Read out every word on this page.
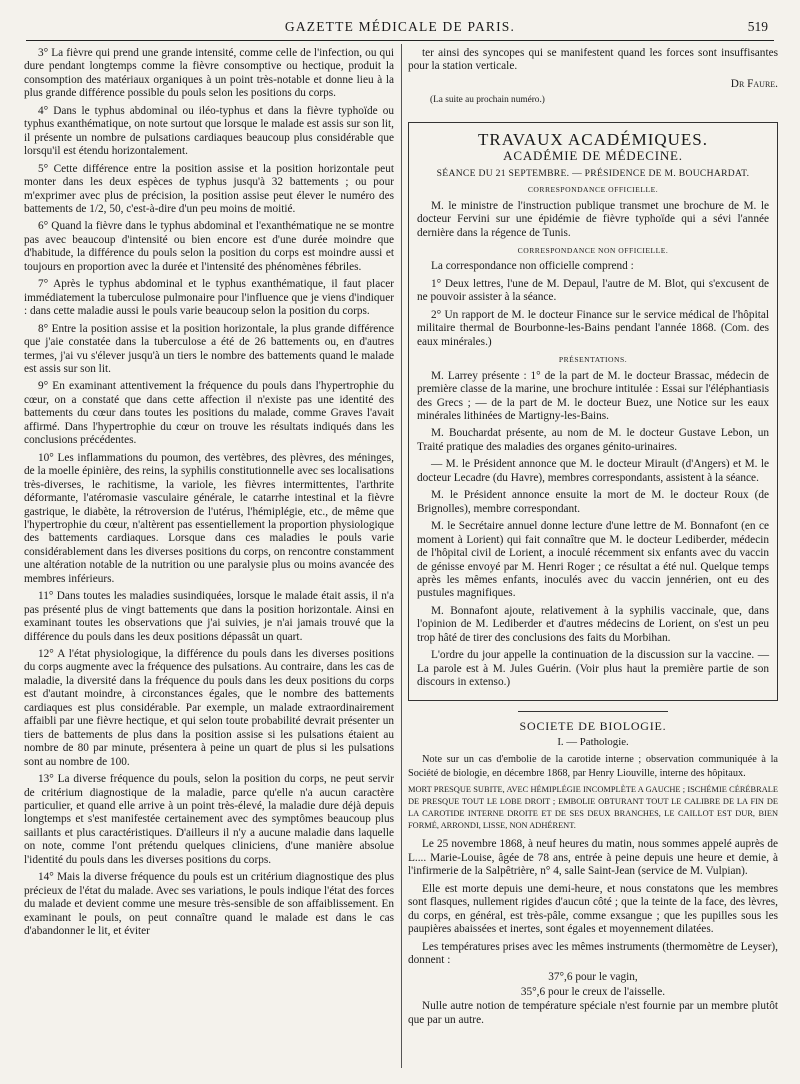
GAZETTE MÉDICALE DE PARIS.	519

3° La fièvre qui prend une grande intensité, comme celle de l'infection, ou qui dure pendant longtemps comme la fièvre consomptive ou hectique, produit la consomption des matériaux organiques à un point très-notable et donne lieu à la plus grande différence possible du pouls selon les positions du corps.

4° Dans le typhus abdominal ou iléo-typhus et dans la fièvre typhoïde ou typhus exanthématique, on note surtout que lorsque le malade est assis sur son lit, il présente un nombre de pulsations cardiaques beaucoup plus considérable que lorsqu'il est étendu horizontalement.

5° Cette différence entre la position assise et la position horizontale peut monter dans les deux espèces de typhus jusqu'à 32 battements ; ou pour m'exprimer avec plus de précision, la position assise peut élever le numéro des battements de 1/2, 50, c'est-à-dire d'un peu moins de moitié.

6° Quand la fièvre dans le typhus abdominal et l'exanthématique ne se montre pas avec beaucoup d'intensité ou bien encore est d'une durée moindre que d'habitude, la différence du pouls selon la position du corps est moindre aussi et toujours en proportion avec la durée et l'intensité des phénomènes fébriles.

7° Après le typhus abdominal et le typhus exanthématique, il faut placer immédiatement la tuberculose pulmonaire pour l'influence que je viens d'indiquer : dans cette maladie aussi le pouls varie beaucoup selon la position du corps.

8° Entre la position assise et la position horizontale, la plus grande différence que j'aie constatée dans la tuberculose a été de 26 battements ou, en d'autres termes, j'ai vu s'élever jusqu'à un tiers le nombre des battements quand le malade est assis sur son lit.

9° En examinant attentivement la fréquence du pouls dans l'hypertrophie du cœur, on a constaté que dans cette affection il n'existe pas une identité des battements du cœur dans toutes les positions du malade, comme Graves l'avait affirmé. Dans l'hypertrophie du cœur on trouve les résultats indiqués dans les conclusions précédentes.

10° Les inflammations du poumon, des vertèbres, des plèvres, des méninges, de la moelle épinière, des reins, la syphilis constitutionnelle avec ses localisations très-diverses, le rachitisme, la variole, les fièvres intermittentes, l'arthrite déformante, l'atéromasie vasculaire générale, le catarrhe intestinal et la fièvre gastrique, le diabète, la rétroversion de l'utérus, l'hémiplégie, etc., de même que l'hypertrophie du cœur, n'altèrent pas essentiellement la proportion physiologique des battements cardiaques. Lorsque dans ces maladies le pouls varie considérablement dans les diverses positions du corps, on rencontre constamment une altération notable de la nutrition ou une paralysie plus ou moins avancée des membres inférieurs.

11° Dans toutes les maladies susindiquées, lorsque le malade était assis, il n'a pas présenté plus de vingt battements que dans la position horizontale. Ainsi en examinant toutes les observations que j'ai suivies, je n'ai jamais trouvé que la différence du pouls dans les deux positions dépassât un quart.

12° A l'état physiologique, la différence du pouls dans les diverses positions du corps augmente avec la fréquence des pulsations. Au contraire, dans les cas de maladie, la diversité dans la fréquence du pouls dans les deux positions du corps est d'autant moindre, à circonstances égales, que le nombre des battements cardiaques est plus considérable. Par exemple, un malade extraordinairement affaibli par une fièvre hectique, et qui selon toute probabilité devrait présenter un tiers de battements de plus dans la position assise si les pulsations étaient au nombre de 80 par minute, présentera à peine un quart de plus si les pulsations sont au nombre de 100.

13° La diverse fréquence du pouls, selon la position du corps, ne peut servir de critérium diagnostique de la maladie, parce qu'elle n'a aucun caractère particulier, et quand elle arrive à un point très-élevé, la maladie dure déjà depuis longtemps et s'est manifestée certainement avec des symptômes beaucoup plus saillants et plus caractéristiques. D'ailleurs il n'y a aucune maladie dans laquelle on note, comme l'ont prétendu quelques cliniciens, d'une manière absolue l'identité du pouls dans les diverses positions du corps.

14° Mais la diverse fréquence du pouls est un critérium diagnostique des plus précieux de l'état du malade. Avec ses variations, le pouls indique l'état des forces du malade et devient comme une mesure très-sensible de son affaiblissement. En examinant le pouls, on peut connaître quand le malade est dans le cas d'abandonner le lit, et éviter

ter ainsi des syncopes qui se manifestent quand les forces sont insuffisantes pour la station verticale.

Dr Faure.

(La suite au prochain numéro.)

TRAVAUX ACADÉMIQUES.
ACADÉMIE DE MÉDECINE.
SÉANCE DU 21 SEPTEMBRE. — PRÉSIDENCE DE M. BOUCHARDAT.
CORRESPONDANCE OFFICIELLE.

M. le ministre de l'instruction publique transmet une brochure de M. le docteur Fervini sur une épidémie de fièvre typhoïde qui a sévi l'année dernière dans la régence de Tunis.

CORRESPONDANCE NON OFFICIELLE.

La correspondance non officielle comprend :

1° Deux lettres, l'une de M. Depaul, l'autre de M. Blot, qui s'excusent de ne pouvoir assister à la séance.

2° Un rapport de M. le docteur Finance sur le service médical de l'hôpital militaire thermal de Bourbonne-les-Bains pendant l'année 1868. (Com. des eaux minérales.)

PRÉSENTATIONS.

M. Larrey présente : 1° de la part de M. le docteur Brassac, médecin de première classe de la marine, une brochure intitulée : Essai sur l'éléphantiasis des Grecs ; — de la part de M. le docteur Buez, une Notice sur les eaux minérales lithinées de Martigny-les-Bains.

M. Bouchardat présente, au nom de M. le docteur Gustave Lebon, un Traité pratique des maladies des organes génito-urinaires.

— M. le Président annonce que M. le docteur Mirault (d'Angers) et M. le docteur Lecadre (du Havre), membres correspondants, assistent à la séance.

M. le Président annonce ensuite la mort de M. le docteur Roux (de Brignolles), membre correspondant.

M. le Secrétaire annuel donne lecture d'une lettre de M. Bonnafont (en ce moment à Lorient) qui fait connaître que M. le docteur Lediberder, médecin de l'hôpital civil de Lorient, a inoculé récemment six enfants avec du vaccin de génisse envoyé par M. Henri Roger ; ce résultat a été nul. Quelque temps après les mêmes enfants, inoculés avec du vaccin jennérien, ont eu des pustules magnifiques.

M. Bonnafont ajoute, relativement à la syphilis vaccinale, que, dans l'opinion de M. Lediberder et d'autres médecins de Lorient, on s'est un peu trop hâté de tirer des conclusions des faits du Morbihan.

L'ordre du jour appelle la continuation de la discussion sur la vaccine. — La parole est à M. Jules Guérin. (Voir plus haut la première partie de son discours in extenso.)

SOCIETE DE BIOLOGIE.
I. — Pathologie.

Note sur un cas d'embolie de la carotide interne ; observation communiquée à la Société de biologie, en décembre 1868, par Henry Liouville, interne des hôpitaux.

MORT PRESQUE SUBITE, AVEC HÉMIPLÉGIE INCOMPLÈTE A GAUCHE ; ISCHÉMIE CÉRÉBRALE DE PRESQUE TOUT LE LOBE DROIT ; EMBOLIE OBTURANT TOUT LE CALIBRE DE LA FIN DE LA CAROTIDE INTERNE DROITE ET DE SES DEUX BRANCHES, LE CAILLOT EST DUR, BIEN FORMÉ, ARRONDI, LISSE, NON ADHÉRENT.

Le 25 novembre 1868, à neuf heures du matin, nous sommes appelé auprès de L.... Marie-Louise, âgée de 78 ans, entrée à peine depuis une heure et demie, à l'infirmerie de la Salpêtrière, n° 4, salle Saint-Jean (service de M. Vulpian).

Elle est morte depuis une demi-heure, et nous constatons que les membres sont flasques, nullement rigides d'aucun côté ; que la teinte de la face, des lèvres, du corps, en général, est très-pâle, comme exsangue ; que les pupilles sous les paupières abaissées et inertes, sont égales et moyennement dilatées.

Les températures prises avec les mêmes instruments (thermomètre de Leyser), donnent :

37°,6 pour le vagin,

35°,6 pour le creux de l'aisselle.

Nulle autre notion de température spéciale n'est fournie par un membre plutôt que par un autre.
